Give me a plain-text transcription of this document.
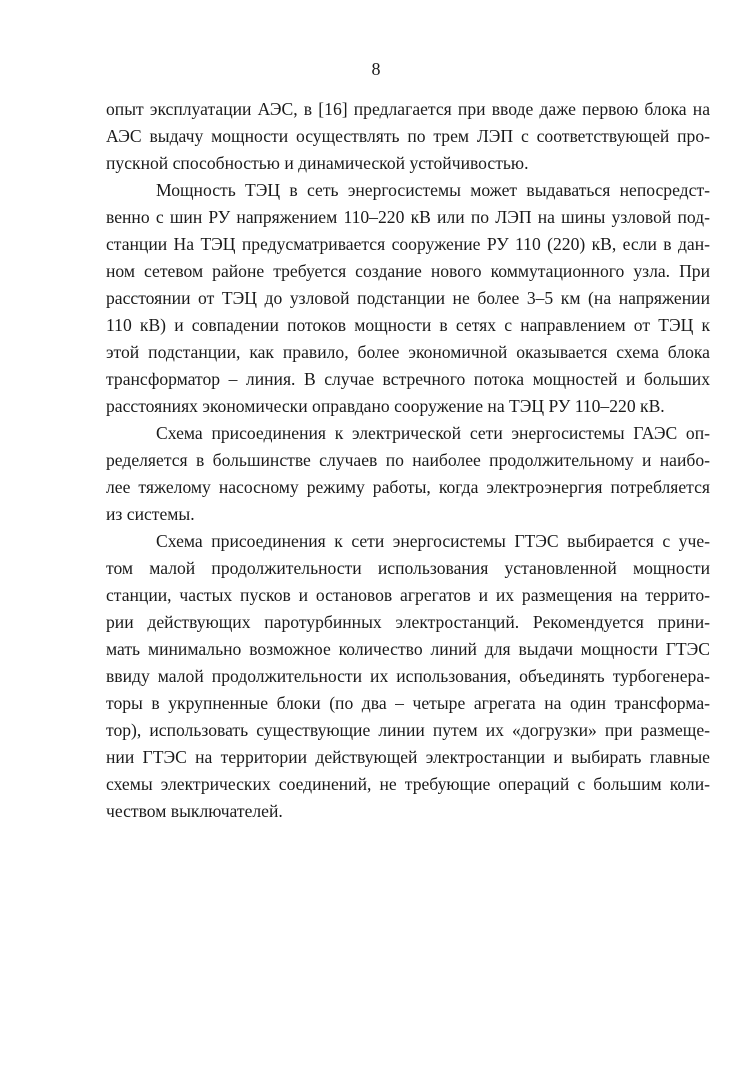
8

опыт эксплуатации АЭС, в [16] предлагается при вводе даже первою блока на
АЭС выдачу мощности осуществлять по трем ЛЭП с соответствующей про-
пускной способностью и динамической устойчивостью.

Мощность ТЭЦ в сеть энергосистемы может выдаваться непосредст-
венно с шин РУ напряжением 110–220 кВ или по ЛЭП на шины узловой под-
станции На ТЭЦ предусматривается сооружение РУ 110 (220) кВ, если в дан-
ном сетевом районе требуется создание нового коммутационного узла. При
расстоянии от ТЭЦ до узловой подстанции не более 3–5 км (на напряжении
110 кВ) и совпадении потоков мощности в сетях с направлением от ТЭЦ к
этой подстанции, как правило, более экономичной оказывается схема блока
трансформатор – линия. В случае встречного потока мощностей и больших
расстояниях экономически оправдано сооружение на ТЭЦ РУ 110–220 кВ.

Схема присоединения к электрической сети энергосистемы ГАЭС оп-
ределяется в большинстве случаев по наиболее продолжительному и наибо-
лее тяжелому насосному режиму работы, когда электроэнергия потребляется
из системы.

Схема присоединения к сети энергосистемы ГТЭС выбирается с уче-
том малой продолжительности использования установленной мощности
станции, частых пусков и остановов агрегатов и их размещения на террито-
рии действующих паротурбинных электростанций. Рекомендуется прини-
мать минимально возможное количество линий для выдачи мощности ГТЭС
ввиду малой продолжительности их использования, объединять турбогенера-
торы в укрупненные блоки (по два – четыре агрегата на один трансформа-
тор), использовать существующие линии путем их «догрузки» при размеще-
нии ГТЭС на территории действующей электростанции и выбирать главные
схемы электрических соединений, не требующие операций с большим коли-
чеством выключателей.
